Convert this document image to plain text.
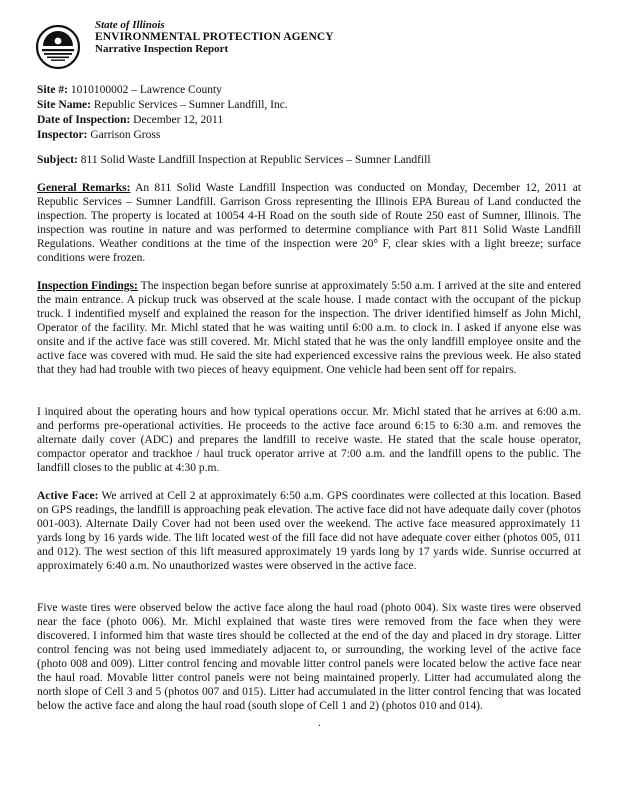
State of Illinois
ENVIRONMENTAL PROTECTION AGENCY
Narrative Inspection Report
Site #: 1010100002 – Lawrence County
Site Name: Republic Services – Sumner Landfill, Inc.
Date of Inspection: December 12, 2011
Inspector: Garrison Gross
Subject: 811 Solid Waste Landfill Inspection at Republic Services – Sumner Landfill
General Remarks: An 811 Solid Waste Landfill Inspection was conducted on Monday, December 12, 2011 at Republic Services – Sumner Landfill. Garrison Gross representing the Illinois EPA Bureau of Land conducted the inspection. The property is located at 10054 4-H Road on the south side of Route 250 east of Sumner, Illinois. The inspection was routine in nature and was performed to determine compliance with Part 811 Solid Waste Landfill Regulations. Weather conditions at the time of the inspection were 20° F, clear skies with a light breeze; surface conditions were frozen.
Inspection Findings: The inspection began before sunrise at approximately 5:50 a.m. I arrived at the site and entered the main entrance. A pickup truck was observed at the scale house. I made contact with the occupant of the pickup truck. I indentified myself and explained the reason for the inspection. The driver identified himself as John Michl, Operator of the facility. Mr. Michl stated that he was waiting until 6:00 a.m. to clock in. I asked if anyone else was onsite and if the active face was still covered. Mr. Michl stated that he was the only landfill employee onsite and the active face was covered with mud. He said the site had experienced excessive rains the previous week. He also stated that they had had trouble with two pieces of heavy equipment. One vehicle had been sent off for repairs.
I inquired about the operating hours and how typical operations occur. Mr. Michl stated that he arrives at 6:00 a.m. and performs pre-operational activities. He proceeds to the active face around 6:15 to 6:30 a.m. and removes the alternate daily cover (ADC) and prepares the landfill to receive waste. He stated that the scale house operator, compactor operator and trackhoe / haul truck operator arrive at 7:00 a.m. and the landfill opens to the public. The landfill closes to the public at 4:30 p.m.
Active Face: We arrived at Cell 2 at approximately 6:50 a.m. GPS coordinates were collected at this location. Based on GPS readings, the landfill is approaching peak elevation. The active face did not have adequate daily cover (photos 001-003). Alternate Daily Cover had not been used over the weekend. The active face measured approximately 11 yards long by 16 yards wide. The lift located west of the fill face did not have adequate cover either (photos 005, 011 and 012). The west section of this lift measured approximately 19 yards long by 17 yards wide. Sunrise occurred at approximately 6:40 a.m. No unauthorized wastes were observed in the active face.
Five waste tires were observed below the active face along the haul road (photo 004). Six waste tires were observed near the face (photo 006). Mr. Michl explained that waste tires were removed from the face when they were discovered. I informed him that waste tires should be collected at the end of the day and placed in dry storage. Litter control fencing was not being used immediately adjacent to, or surrounding, the working level of the active face (photo 008 and 009). Litter control fencing and movable litter control panels were located below the active face near the haul road. Movable litter control panels were not being maintained properly. Litter had accumulated along the north slope of Cell 3 and 5 (photos 007 and 015). Litter had accumulated in the litter control fencing that was located below the active face and along the haul road (south slope of Cell 1 and 2) (photos 010 and 014).
.
